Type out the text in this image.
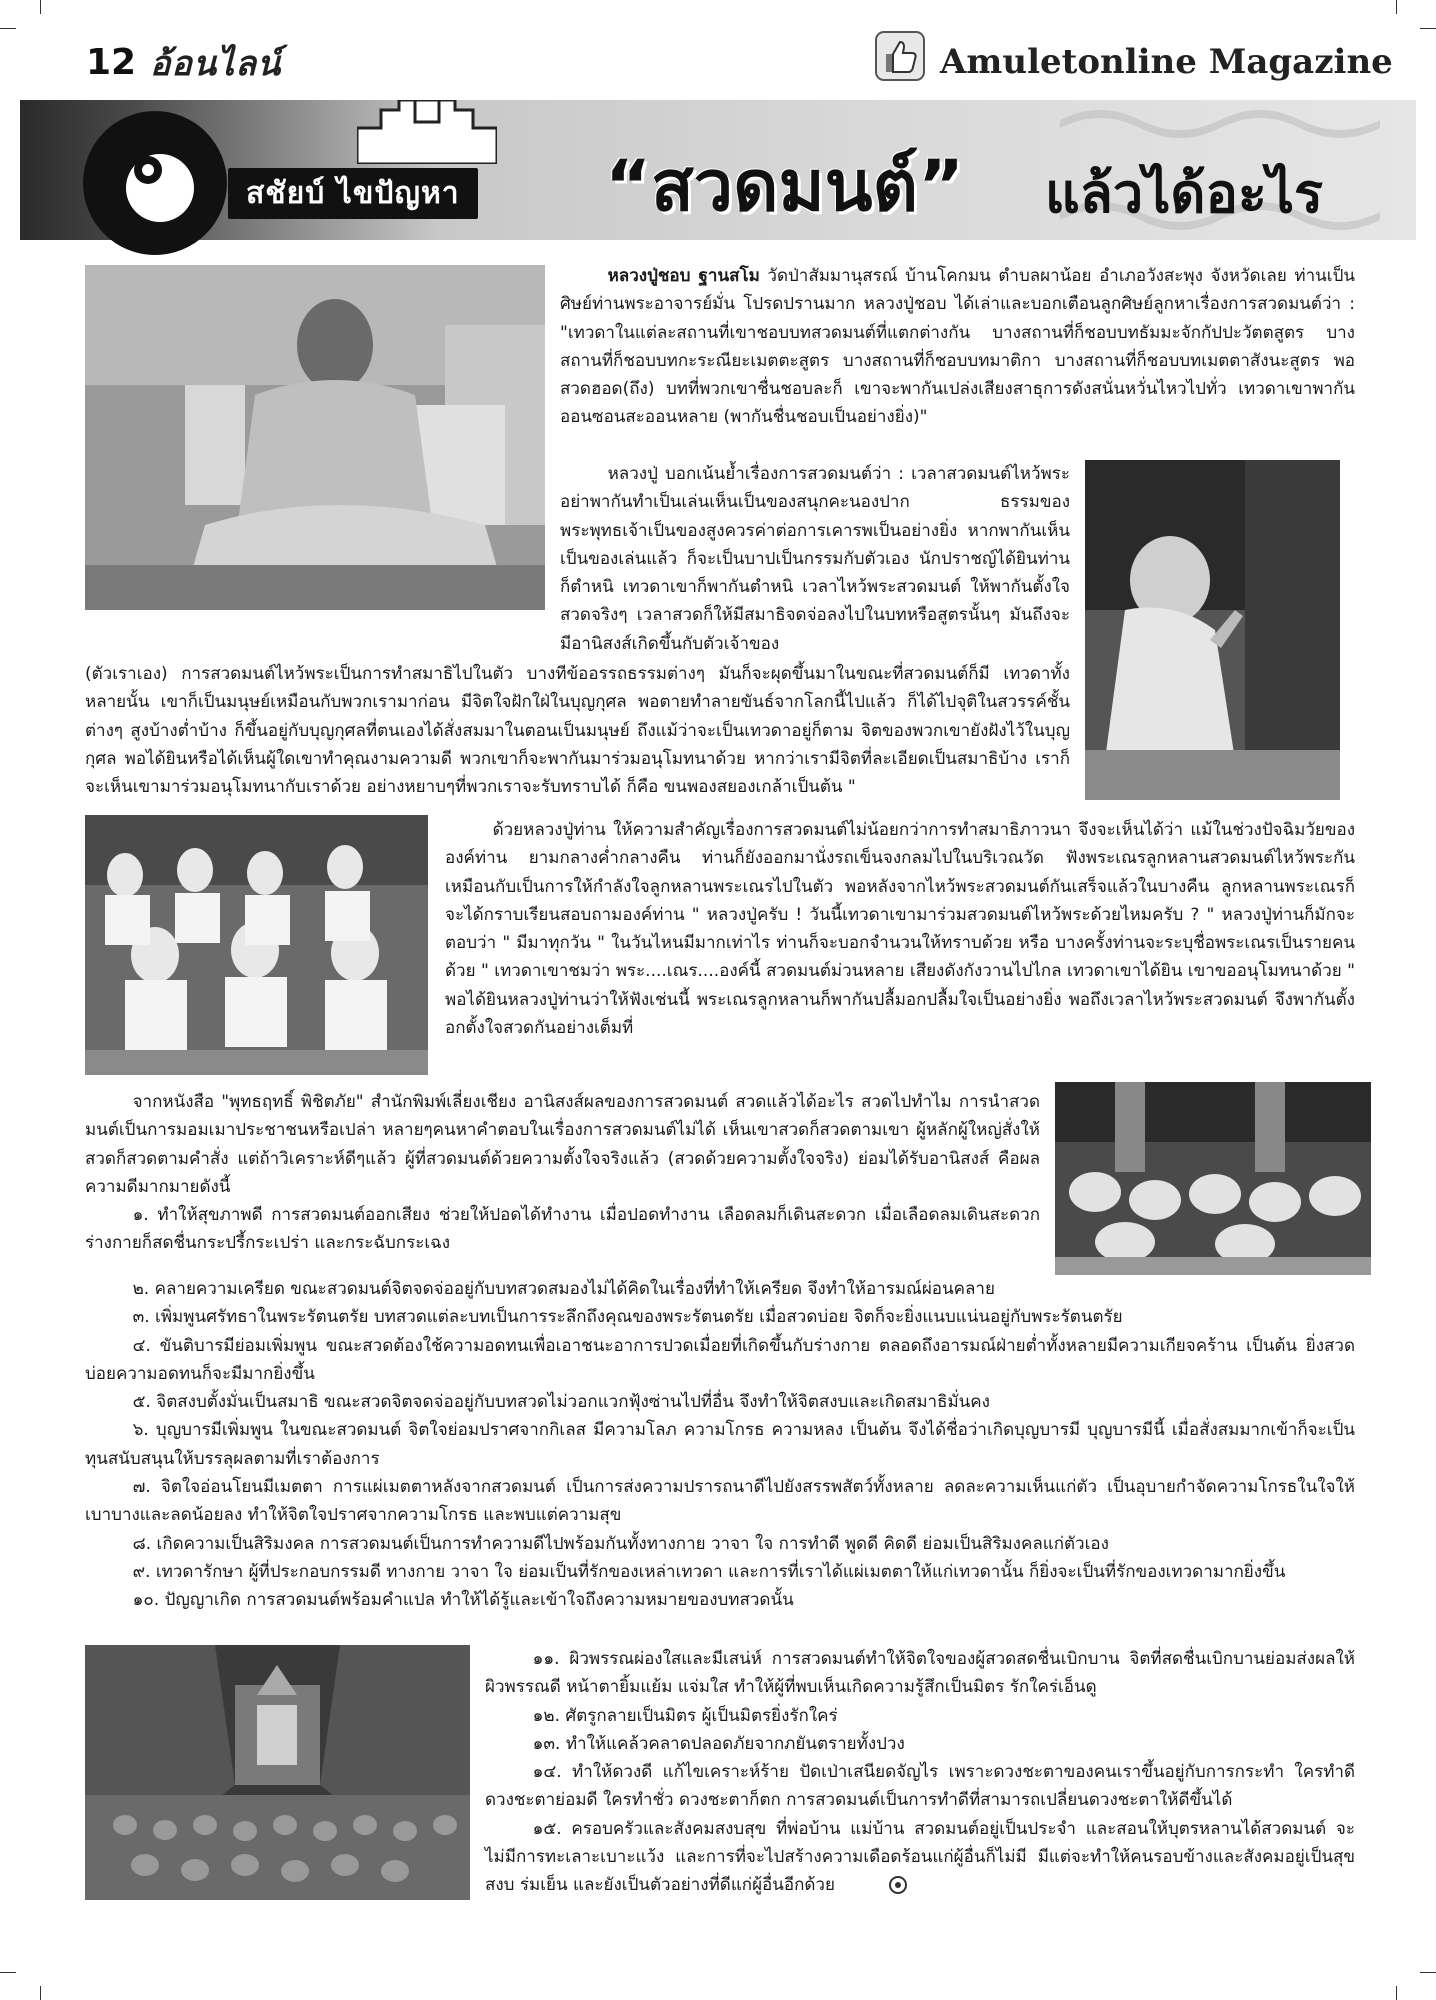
12 อ้อนไลน์	Amuletonline Magazine
สชัยบ์ ไขปัญหา “สวดมนต์” แล้วได้อะไร

หลวงปู่ชอบ ฐานสโม วัดป่าสัมมานุสรณ์ บ้านโคกมน ตำบลผาน้อย อำเภอวังสะพุง จังหวัดเลย ท่านเป็นศิษย์ท่านพระอาจารย์มั่น โปรดปรานมาก หลวงปู่ชอบ ได้เล่าและบอกเตือนลูกศิษย์ลูกหาเรื่องการสวดมนต์ว่า : "เทวดาในแต่ละสถานที่เขาชอบบทสวดมนต์ที่แตกต่างกัน บางสถานที่ก็ชอบบทธัมมะจักกัปปะวัตตสูตร บางสถานที่ก็ชอบบทกะระณียะเมตตะสูตร บางสถานที่ก็ชอบบทมาติกา บางสถานที่ก็ชอบบทเมตตาสังนะสูตร พอสวดฮอด(ถึง) บทที่พวกเขาชื่นชอบละก็ เขาจะพากันเปล่งเสียงสาธุการดังสนั่นหวั่นไหวไปทั่ว เทวดาเขาพากันออนซอนสะออนหลาย (พากันชื่นชอบเป็นอย่างยิ่ง)"

หลวงปู่ บอกเน้นย้ำเรื่องการสวดมนต์ว่า : เวลาสวดมนต์ไหว้พระ อย่าพากันทำเป็นเล่นเห็นเป็นของสนุกคะนองปาก ธรรมของพระพุทธเจ้าเป็นของสูงควรค่าต่อการเคารพเป็นอย่างยิ่ง หากพากันเห็นเป็นของเล่นแล้ว ก็จะเป็นบาปเป็นกรรมกับตัวเอง นักปราชญ์ได้ยินท่านก็ตำหนิ เทวดาเขาก็พากันตำหนิ เวลาไหว้พระสวดมนต์ ให้พากันตั้งใจสวดจริงๆ เวลาสวดก็ให้มีสมาธิจดจ่อลงไปในบทหรือสูตรนั้นๆ มันถึงจะมีอานิสงส์เกิดขึ้นกับตัวเจ้าของ

(ตัวเราเอง) การสวดมนต์ไหว้พระเป็นการทำสมาธิไปในตัว บางทีข้ออรรถธรรมต่างๆ มันก็จะผุดขึ้นมาในขณะที่สวดมนต์ก็มี เทวดาทั้งหลายนั้น เขาก็เป็นมนุษย์เหมือนกับพวกเรามาก่อน มีจิตใจฝักใฝ่ในบุญกุศล พอตายทำลายขันธ์จากโลกนี้ไปแล้ว ก็ได้ไปจุติในสวรรค์ชั้นต่างๆ สูงบ้างต่ำบ้าง ก็ขึ้นอยู่กับบุญกุศลที่ตนเองได้สั่งสมมาในตอนเป็นมนุษย์ ถึงแม้ว่าจะเป็นเทวดาอยู่ก็ตาม จิตของพวกเขายังฝังไว้ในบุญกุศล พอได้ยินหรือได้เห็นผู้ใดเขาทำคุณงามความดี พวกเขาก็จะพากันมาร่วมอนุโมทนาด้วย หากว่าเรามีจิตที่ละเอียดเป็นสมาธิบ้าง เราก็จะเห็นเขามาร่วมอนุโมทนากับเราด้วย อย่างหยาบๆที่พวกเราจะรับทราบได้ ก็คือ ขนพองสยองเกล้าเป็นต้น "

ด้วยหลวงปู่ท่าน ให้ความสำคัญเรื่องการสวดมนต์ไม่น้อยกว่าการทำสมาธิภาวนา จึงจะเห็นได้ว่า แม้ในช่วงปัจฉิมวัยขององค์ท่าน ยามกลางค่ำกลางคืน ท่านก็ยังออกมานั่งรถเข็นจงกลมไปในบริเวณวัด ฟังพระเณรลูกหลานสวดมนต์ไหว้พระกัน เหมือนกับเป็นการให้กำลังใจลูกหลานพระเณรไปในตัว พอหลังจากไหว้พระสวดมนต์กันเสร็จแล้วในบางคืน ลูกหลานพระเณรก็จะได้กราบเรียนสอบถามองค์ท่าน " หลวงปู่ครับ ! วันนี้เทวดาเขามาร่วมสวดมนต์ไหว้พระด้วยไหมครับ ? " หลวงปู่ท่านก็มักจะตอบว่า " มีมาทุกวัน " ในวันไหนมีมากเท่าไร ท่านก็จะบอกจำนวนให้ทราบด้วย หรือ บางครั้งท่านจะระบุชื่อพระเณรเป็นรายคนด้วย " เทวดาเขาชมว่า พระ....เณร....องค์นี้ สวดมนต์ม่วนหลาย เสียงดังกังวานไปไกล เทวดาเขาได้ยิน เขาขออนุโมทนาด้วย " พอได้ยินหลวงปู่ท่านว่าให้ฟังเช่นนี้ พระเณรลูกหลานก็พากันปลื้มอกปลื้มใจเป็นอย่างยิ่ง พอถึงเวลาไหว้พระสวดมนต์ จึงพากันตั้งอกตั้งใจสวดกันอย่างเต็มที่

จากหนังสือ "พุทธฤทธิ์ พิชิตภัย" สำนักพิมพ์เลี่ยงเชียง อานิสงส์ผลของการสวดมนต์ สวดแล้วได้อะไร สวดไปทำไม การนำสวดมนต์เป็นการมอมเมาประชาชนหรือเปล่า หลายๆคนหาคำตอบในเรื่องการสวดมนต์ไม่ได้ เห็นเขาสวดก็สวดตามเขา ผู้หลักผู้ใหญ่สั่งให้สวดก็สวดตามคำสั่ง แต่ถ้าวิเคราะห์ดีๆแล้ว ผู้ที่สวดมนต์ด้วยความตั้งใจจริงแล้ว (สวดด้วยความตั้งใจจริง) ย่อมได้รับอานิสงส์ คือผลความดีมากมายดังนี้

๑. ทำให้สุขภาพดี การสวดมนต์ออกเสียง ช่วยให้ปอดได้ทำงาน เมื่อปอดทำงาน เลือดลมก็เดินสะดวก เมื่อเลือดลมเดินสะดวก ร่างกายก็สดชื่นกระปรี้กระเปร่า และกระฉับกระเฉง

๒. คลายความเครียด ขณะสวดมนต์จิตจดจ่ออยู่กับบทสวดสมองไม่ได้คิดในเรื่องที่ทำให้เครียด จึงทำให้อารมณ์ผ่อนคลาย

๓. เพิ่มพูนศรัทธาในพระรัตนตรัย บทสวดแต่ละบทเป็นการระลึกถึงคุณของพระรัตนตรัย เมื่อสวดบ่อย จิตก็จะยิ่งแนบแน่นอยู่กับพระรัตนตรัย

๔. ขันติบารมีย่อมเพิ่มพูน ขณะสวดต้องใช้ความอดทนเพื่อเอาชนะอาการปวดเมื่อยที่เกิดขึ้นกับร่างกาย ตลอดถึงอารมณ์ฝ่ายต่ำทั้งหลายมีความเกียจคร้าน เป็นต้น ยิ่งสวดบ่อยความอดทนก็จะมีมากยิ่งขึ้น

๕. จิตสงบตั้งมั่นเป็นสมาธิ ขณะสวดจิตจดจ่ออยู่กับบทสวดไม่วอกแวกฟุ้งซ่านไปที่อื่น จึงทำให้จิตสงบและเกิดสมาธิมั่นคง

๖. บุญบารมีเพิ่มพูน ในขณะสวดมนต์ จิตใจย่อมปราศจากกิเลส มีความโลภ ความโกรธ ความหลง เป็นต้น จึงได้ชื่อว่าเกิดบุญบารมี บุญบารมีนี้ เมื่อสั่งสมมากเข้าก็จะเป็นทุนสนับสนุนให้บรรลุผลตามที่เราต้องการ

๗. จิตใจอ่อนโยนมีเมตตา การแผ่เมตตาหลังจากสวดมนต์ เป็นการส่งความปรารถนาดีไปยังสรรพสัตว์ทั้งหลาย ลดละความเห็นแก่ตัว เป็นอุบายกำจัดความโกรธในใจให้เบาบางและลดน้อยลง ทำให้จิตใจปราศจากความโกรธ และพบแต่ความสุข

๘. เกิดความเป็นสิริมงคล การสวดมนต์เป็นการทำความดีไปพร้อมกันทั้งทางกาย วาจา ใจ การทำดี พูดดี คิดดี ย่อมเป็นสิริมงคลแก่ตัวเอง

๙. เทวดารักษา ผู้ที่ประกอบกรรมดี ทางกาย วาจา ใจ ย่อมเป็นที่รักของเหล่าเทวดา และการที่เราได้แผ่เมตตาให้แก่เทวดานั้น ก็ยิ่งจะเป็นที่รักของเทวดามากยิ่งขึ้น

๑๐. ปัญญาเกิด การสวดมนต์พร้อมคำแปล ทำให้ได้รู้และเข้าใจถึงความหมายของบทสวดนั้น

๑๑. ผิวพรรณผ่องใสและมีเสน่ห์ การสวดมนต์ทำให้จิตใจของผู้สวดสดชื่นเบิกบาน จิตที่สดชื่นเบิกบานย่อมส่งผลให้ผิวพรรณดี หน้าตายิ้มแย้ม แจ่มใส ทำให้ผู้ที่พบเห็นเกิดความรู้สึกเป็นมิตร รักใคร่เอ็นดู

๑๒. ศัตรูกลายเป็นมิตร ผู้เป็นมิตรยิ่งรักใคร่

๑๓. ทำให้แคล้วคลาดปลอดภัยจากภยันตรายทั้งปวง

๑๔. ทำให้ดวงดี แก้ไขเคราะห์ร้าย ปัดเป่าเสนียดจัญไร เพราะดวงชะตาของคนเราขึ้นอยู่กับการกระทำ ใครทำดี ดวงชะตาย่อมดี ใครทำชั่ว ดวงชะตาก็ตก การสวดมนต์เป็นการทำดีที่สามารถเปลี่ยนดวงชะตาให้ดีขึ้นได้

๑๕. ครอบครัวและสังคมสงบสุข ที่พ่อบ้าน แม่บ้าน สวดมนต์อยู่เป็นประจำ และสอนให้บุตรหลานได้สวดมนต์ จะไม่มีการทะเลาะเบาะแว้ง และการที่จะไปสร้างความเดือดร้อนแก่ผู้อื่นก็ไม่มี มีแต่จะทำให้คนรอบข้างและสังคมอยู่เป็นสุข สงบ ร่มเย็น และยังเป็นตัวอย่างที่ดีแก่ผู้อื่นอีกด้วย
